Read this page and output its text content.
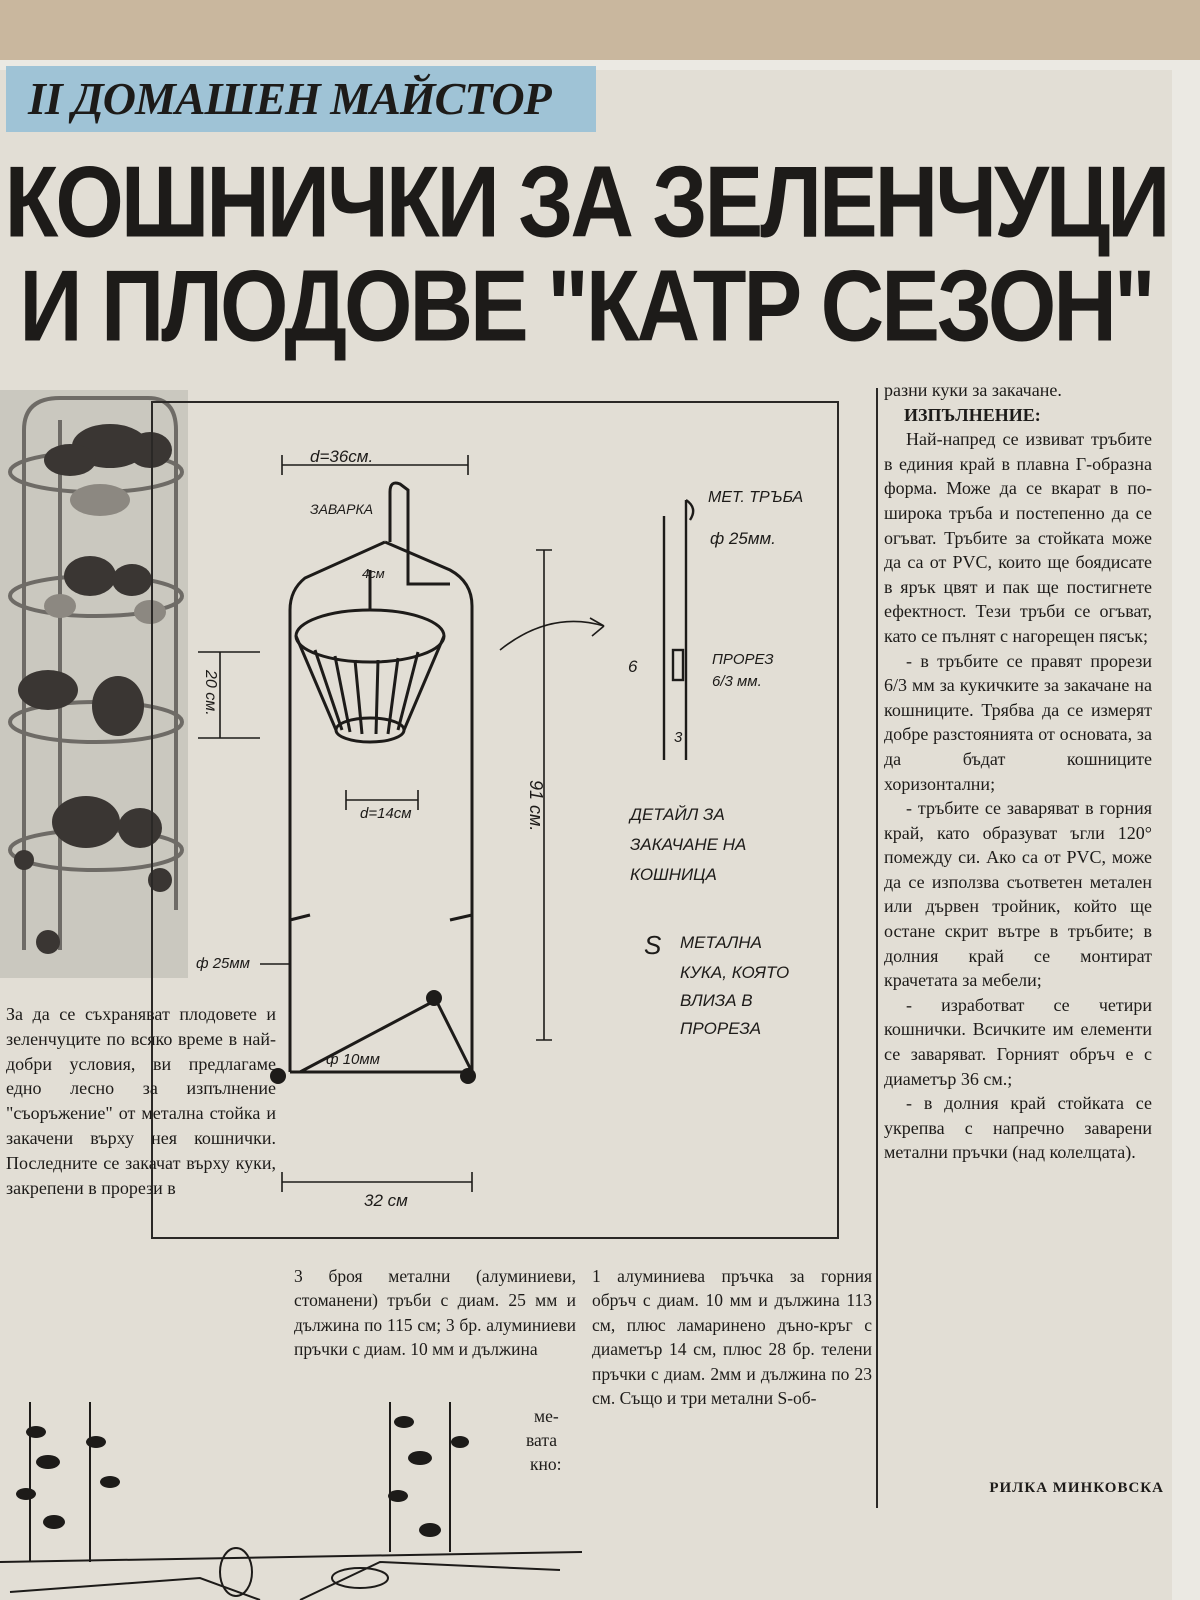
II ДОМАШЕН МАЙСТОР
КОШНИЧКИ ЗА ЗЕЛЕНЧУЦИ
И ПЛОДОВЕ "КАТР СЕЗОН"
d=36см.
ЗАВАРКА
4см
20 см.
d=14см
ф 25мм
91 см.
ф 10мм
32 см
МЕТ. ТРЪБА
ф 25мм.
6	ПРОРЕЗ
6/3 мм.
3
ДЕТАЙЛ ЗА
ЗАКАЧАНЕ НА
КОШНИЦА
S МЕТАЛНА
КУКА, КОЯТО
ВЛИЗА В
ПРОРЕЗА

За да се съхраняват плодовете и зеленчуците по всяко време в най-добри условия, ви предлагаме едно лесно за изпълнение "съоръжение" от метална стойка и закачени върху нея кошнички. Последните се закачат върху куки, закрепени в прорези в

3 броя метални (алуминиеви, стоманени) тръби с диам. 25 мм и дължина по 115 см; 3 бр. алуминиеви пръчки с диам. 10 мм и дължина

1 алуминиева пръчка за горния обръч с диам. 10 мм и дължина 113 см, плюс ламаринено дъно-кръг с диаметър 14 см, плюс 28 бр. телени пръчки с диам. 2мм и дължина по 23 см. Също и три метални S-об-

разни куки за закачане.

ИЗПЪЛНЕНИЕ:

Най-напред се извиват тръбите в единия край в плавна Г-образна форма. Може да се вкарат в по-широка тръба и постепенно да се огъват. Тръбите за стойката може да са от PVC, които ще боядисате в ярък цвят и пак ще постигнете ефектност. Тези тръби се огъват, като се пълнят с нагорещен пясък;

- в тръбите се правят прорези 6/3 мм за кукичките за закачане на кошниците. Трябва да се измерят добре разстоянията от основата, за да бъдат кошниците хоризонтални;

- тръбите се заваряват в горния край, като образуват ъгли 120° помежду си. Ако са от PVC, може да се използва съответен метален или дървен тройник, който ще остане скрит вътре в тръбите; в долния край се монтират крачетата за мебели;

- изработват се четири кошнички. Всичките им елементи се заваряват. Горният обръч е с диаметър 36 см.;

- в долния край стойката се укрепва с напречно заварени метални пръчки (над колелцата).

РИЛКА МИНКОВСКА
ме-
вата
кно:
